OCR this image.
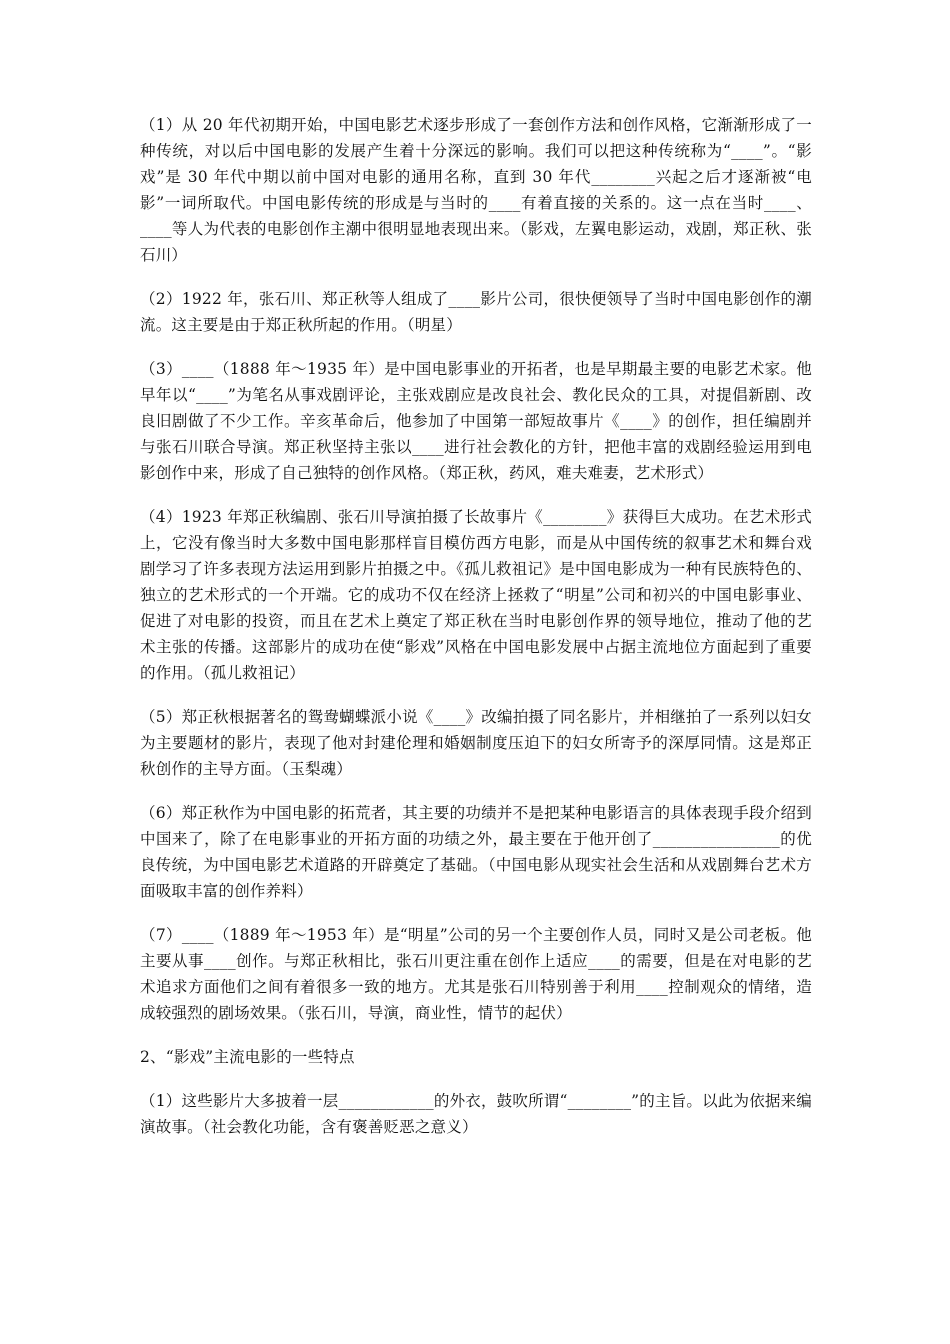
（1）从 20 年代初期开始，中国电影艺术逐步形成了一套创作方法和创作风格，它渐渐形成了一种传统，对以后中国电影的发展产生着十分深远的影响。我们可以把这种传统称为“____”。“影戏”是 30 年代中期以前中国对电影的通用名称，直到 30 年代________兴起之后才逐渐被“电影”一词所取代。中国电影传统的形成是与当时的____有着直接的关系的。这一点在当时____、____等人为代表的电影创作主潮中很明显地表现出来。（影戏，左翼电影运动，戏剧，郑正秋、张石川）

（2）1922 年，张石川、郑正秋等人组成了____影片公司，很快便领导了当时中国电影创作的潮流。这主要是由于郑正秋所起的作用。（明星）

（3）____（1888 年～1935 年）是中国电影事业的开拓者，也是早期最主要的电影艺术家。他早年以“____”为笔名从事戏剧评论，主张戏剧应是改良社会、教化民众的工具，对提倡新剧、改良旧剧做了不少工作。辛亥革命后，他参加了中国第一部短故事片《____》的创作，担任编剧并与张石川联合导演。郑正秋坚持主张以____进行社会教化的方针，把他丰富的戏剧经验运用到电影创作中来，形成了自己独特的创作风格。（郑正秋，药风，难夫难妻，艺术形式）

（4）1923 年郑正秋编剧、张石川导演拍摄了长故事片《________》获得巨大成功。在艺术形式上，它没有像当时大多数中国电影那样盲目模仿西方电影，而是从中国传统的叙事艺术和舞台戏剧学习了许多表现方法运用到影片拍摄之中。《孤儿救祖记》是中国电影成为一种有民族特色的、独立的艺术形式的一个开端。它的成功不仅在经济上拯救了“明星”公司和初兴的中国电影事业、促进了对电影的投资，而且在艺术上奠定了郑正秋在当时电影创作界的领导地位，推动了他的艺术主张的传播。这部影片的成功在使“影戏”风格在中国电影发展中占据主流地位方面起到了重要的作用。（孤儿救祖记）

（5）郑正秋根据著名的鸳鸯蝴蝶派小说《____》改编拍摄了同名影片，并相继拍了一系列以妇女为主要题材的影片，表现了他对封建伦理和婚姻制度压迫下的妇女所寄予的深厚同情。这是郑正秋创作的主导方面。（玉梨魂）

（6）郑正秋作为中国电影的拓荒者，其主要的功绩并不是把某种电影语言的具体表现手段介绍到中国来了，除了在电影事业的开拓方面的功绩之外，最主要在于他开创了________________的优良传统，为中国电影艺术道路的开辟奠定了基础。（中国电影从现实社会生活和从戏剧舞台艺术方面吸取丰富的创作养料）

（7）____（1889 年～1953 年）是“明星”公司的另一个主要创作人员，同时又是公司老板。他主要从事____创作。与郑正秋相比，张石川更注重在创作上适应____的需要，但是在对电影的艺术追求方面他们之间有着很多一致的地方。尤其是张石川特别善于利用____控制观众的情绪，造成较强烈的剧场效果。（张石川，导演，商业性，情节的起伏）

2、“影戏”主流电影的一些特点

（1）这些影片大多披着一层____________的外衣，鼓吹所谓“________”的主旨。以此为依据来编演故事。（社会教化功能，含有褒善贬恶之意义）
